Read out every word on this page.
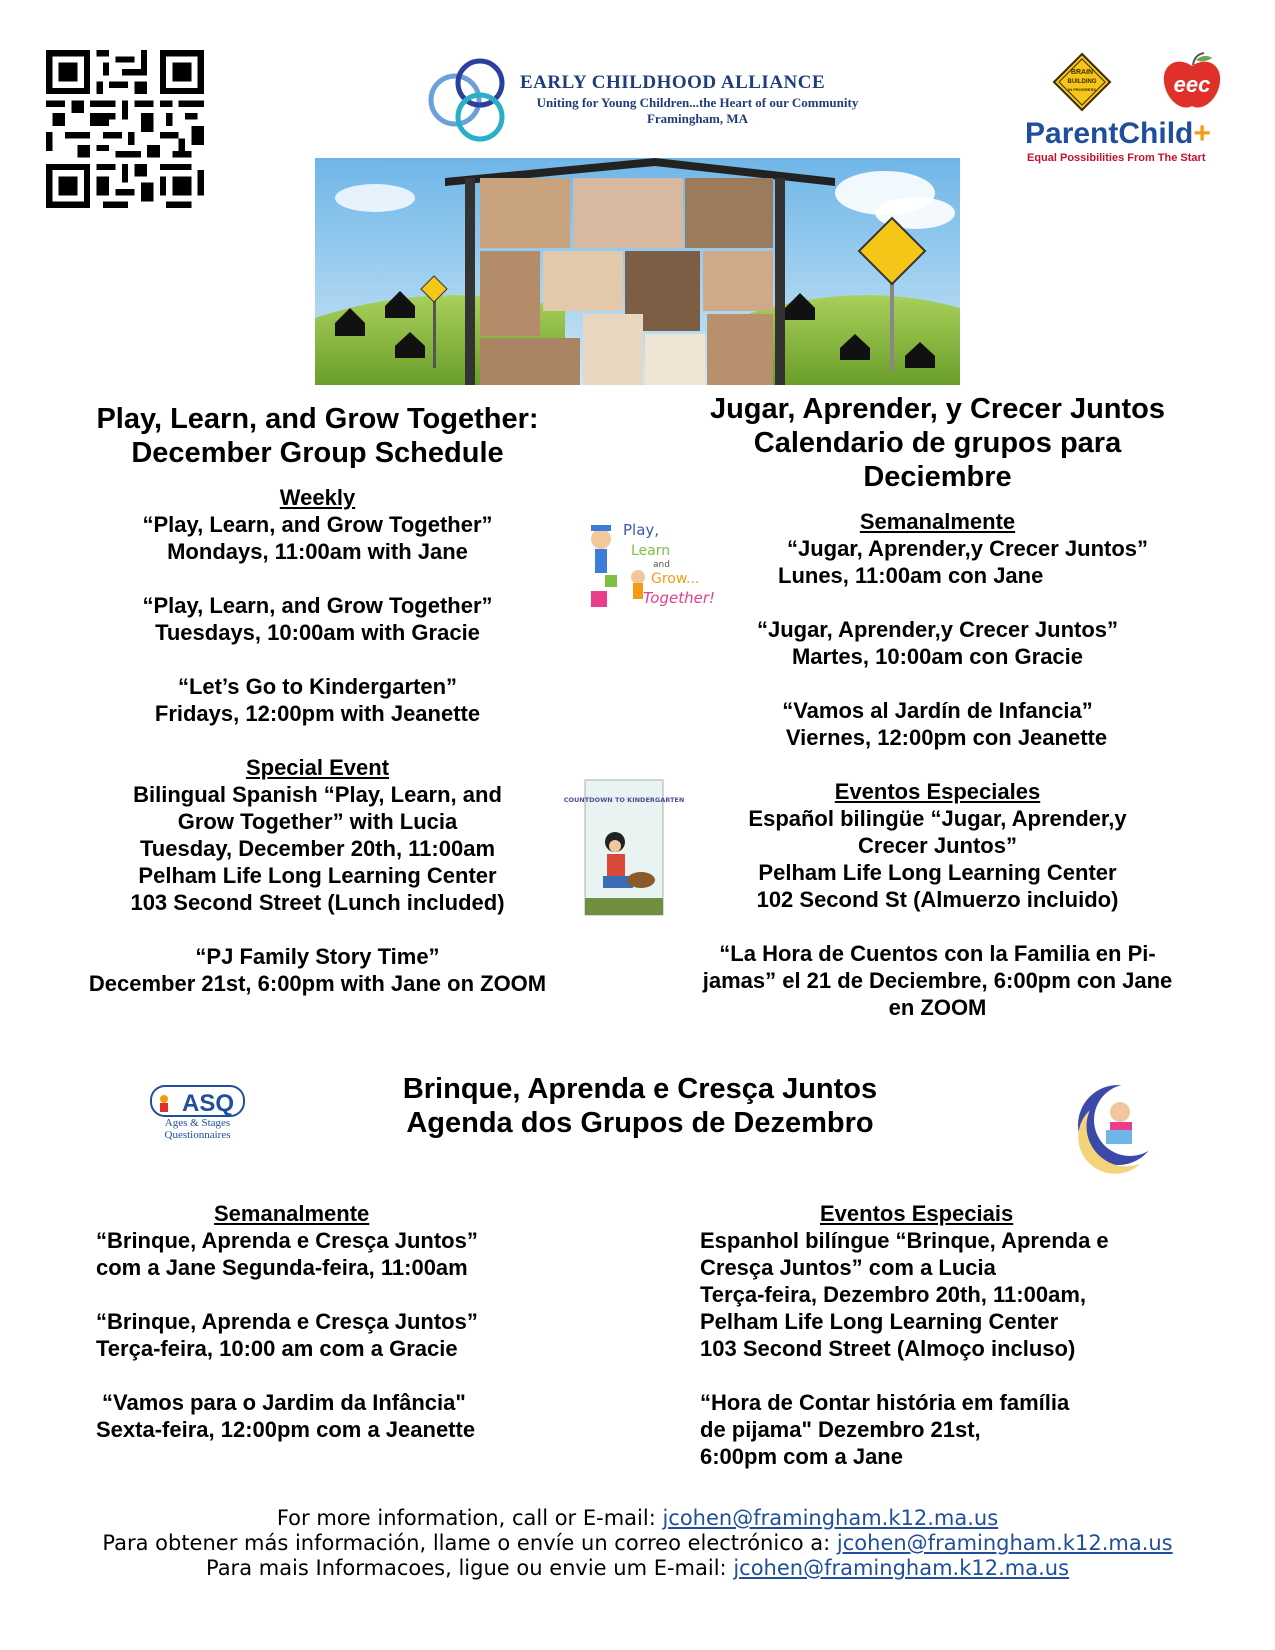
EARLY CHILDHOOD ALLIANCE
Uniting for Young Children...the Heart of our Community
Framingham, MA
BRAIN
BUILDING
IN PROGRESS	eec
ParentChild+
Equal Possibilities From The Start
Play, Learn, and Grow Together:
December Group Schedule
Weekly
“Play, Learn, and Grow Together”
Mondays, 11:00am with Jane
“Play, Learn, and Grow Together”
Tuesdays, 10:00am with Gracie
“Let’s Go to Kindergarten”
Fridays, 12:00pm with Jeanette
Special Event
Bilingual Spanish “Play, Learn, and
Grow Together” with Lucia
Tuesday, December 20th, 11:00am
Pelham Life Long Learning Center
103 Second Street (Lunch included)
“PJ Family Story Time”
December 21st, 6:00pm with Jane on ZOOM
Play,
Learn
and
Grow...
Together!
COUNTDOWN TO KINDERGARTEN
Jugar, Aprender, y Crecer Juntos
Calendario de grupos para
Deciembre
Semanalmente
“Jugar, Aprender,y Crecer Juntos”
Lunes, 11:00am con Jane
“Jugar, Aprender,y Crecer Juntos”
Martes, 10:00am con Gracie
“Vamos al Jardín de Infancia”
Viernes, 12:00pm con Jeanette
Eventos Especiales
Español bilingüe “Jugar, Aprender,y
Crecer Juntos”
Pelham Life Long Learning Center
102 Second St (Almuerzo incluido)
“La Hora de Cuentos con la Familia en Pi-
jamas” el 21 de Deciembre, 6:00pm con Jane
en ZOOM
ASQ
Ages & Stages Questionnaires
Brinque, Aprenda e Cresça Juntos
Agenda dos Grupos de Dezembro
Semanalmente
“Brinque, Aprenda e Cresça Juntos”
com a Jane Segunda-feira, 11:00am
“Brinque, Aprenda e Cresça Juntos”
Terça-feira, 10:00 am com a Gracie
“Vamos para o Jardim da Infância"
Sexta-feira, 12:00pm com a Jeanette
Eventos Especiais
Espanhol bilíngue “Brinque, Aprenda e
Cresça Juntos” com a Lucia
Terça-feira, Dezembro 20th, 11:00am,
Pelham Life Long Learning Center
103 Second Street (Almoço incluso)
“Hora de Contar história em família
de pijama" Dezembro 21st,
6:00pm com a Jane
For more information, call or E-mail: jcohen@framingham.k12.ma.us
Para obtener más información, llame o envíe un correo electrónico a: jcohen@framingham.k12.ma.us
Para mais Informacoes, ligue ou envie um E-mail: jcohen@framingham.k12.ma.us
